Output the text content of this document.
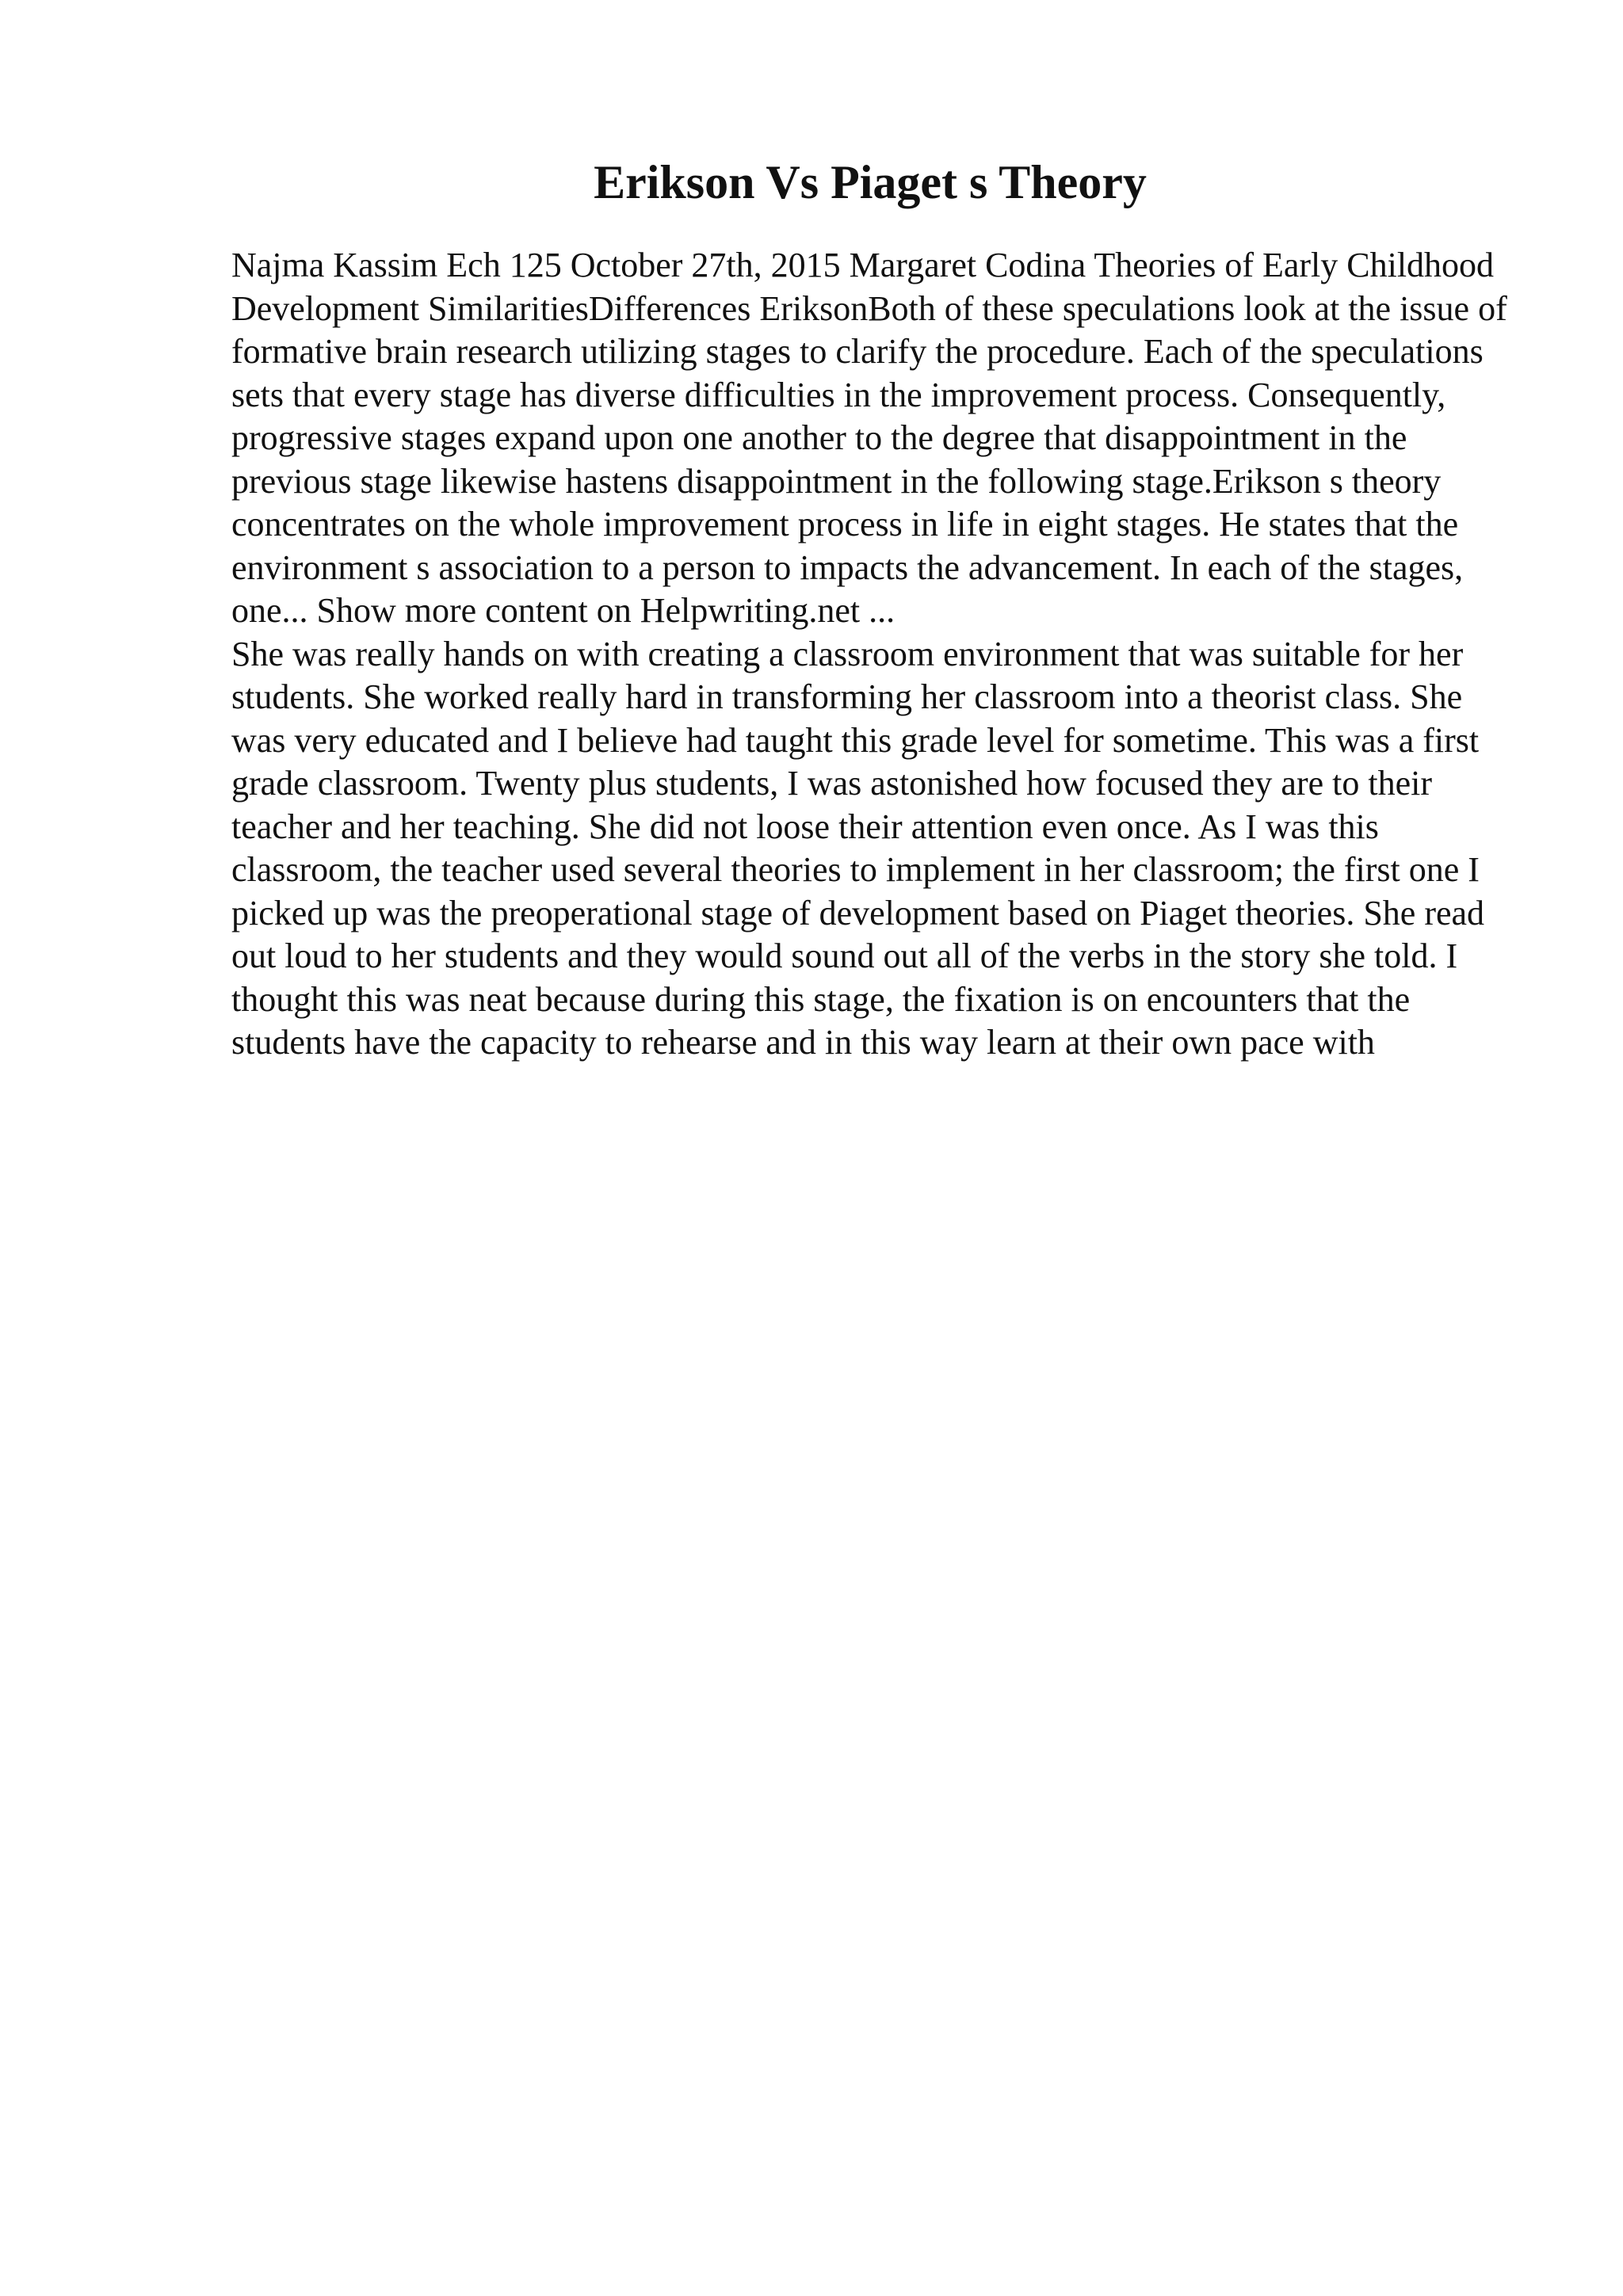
Erikson Vs Piaget s Theory

Najma Kassim Ech 125 October 27th, 2015 Margaret Codina Theories of Early Childhood Development SimilaritiesDifferences EriksonBoth of these speculations look at the issue of formative brain research utilizing stages to clarify the procedure. Each of the speculations sets that every stage has diverse difficulties in the improvement process. Consequently, progressive stages expand upon one another to the degree that disappointment in the previous stage likewise hastens disappointment in the following stage.Erikson s theory concentrates on the whole improvement process in life in eight stages. He states that the environment s association to a person to impacts the advancement. In each of the stages, one... Show more content on Helpwriting.net ...

She was really hands on with creating a classroom environment that was suitable for her students. She worked really hard in transforming her classroom into a theorist class. She was very educated and I believe had taught this grade level for sometime. This was a first grade classroom. Twenty plus students, I was astonished how focused they are to their teacher and her teaching. She did not loose their attention even once. As I was this classroom, the teacher used several theories to implement in her classroom; the first one I picked up was the preoperational stage of development based on Piaget theories. She read out loud to her students and they would sound out all of the verbs in the story she told. I thought this was neat because during this stage, the fixation is on encounters that the students have the capacity to rehearse and in this way learn at their own pace with
